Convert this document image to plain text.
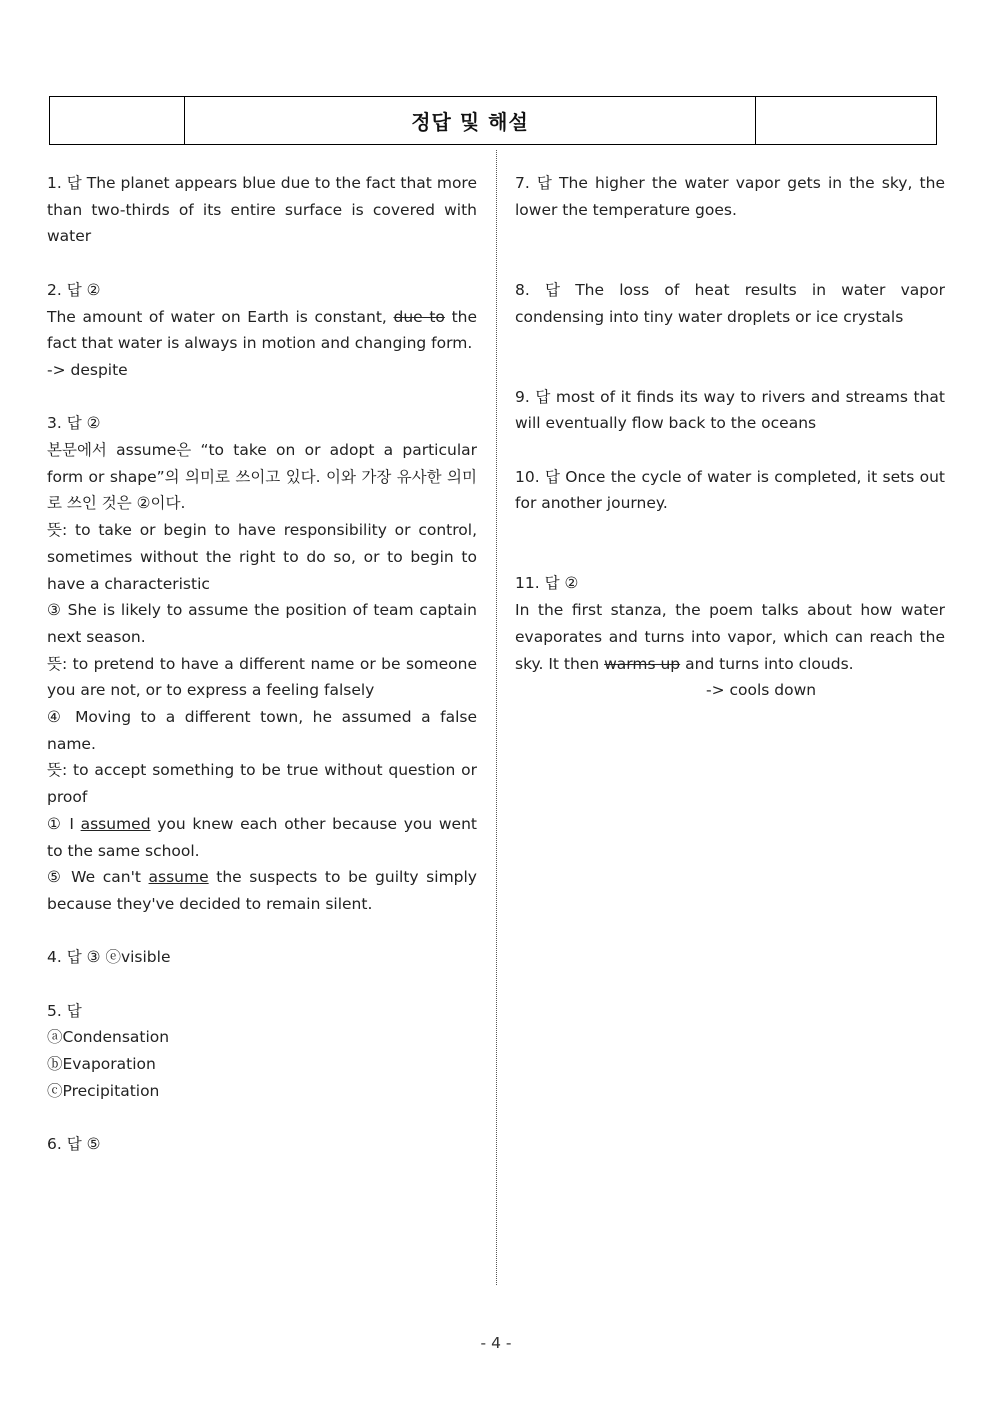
정답 및 해설

1. 답 The planet appears blue due to the fact that more than two-thirds of its entire surface is covered with water

2. 답 ②

The amount of water on Earth is constant, due to the fact that water is always in motion and changing form.

-> despite

3. 답 ②

본문에서 assume은 “to take on or adopt a particular form or shape”의 의미로 쓰이고 있다. 이와 가장 유사한 의미로 쓰인 것은 ②이다.

뜻: to take or begin to have responsibility or control, sometimes without the right to do so, or to begin to have a characteristic

③ She is likely to assume the position of team captain next season.

뜻: to pretend to have a different name or be someone you are not, or to express a feeling falsely

④ Moving to a different town, he assumed a false name.

뜻: to accept something to be true without question or proof

① I assumed you knew each other because you went to the same school.

⑤ We can't assume the suspects to be guilty simply because they've decided to remain silent.

4. 답 ③ ⓔvisible

5. 답

ⓐCondensation

ⓑEvaporation

ⓒPrecipitation

6. 답 ⑤

7. 답 The higher the water vapor gets in the sky, the lower the temperature goes.

8. 답 The loss of heat results in water vapor condensing into tiny water droplets or ice crystals

9. 답 most of it finds its way to rivers and streams that will eventually flow back to the oceans

10. 답 Once the cycle of water is completed, it sets out for another journey.

11. 답 ②

In the first stanza, the poem talks about how water evaporates and turns into vapor, which can reach the sky. It then warms up and turns into clouds.

-> cools down

- 4 -
